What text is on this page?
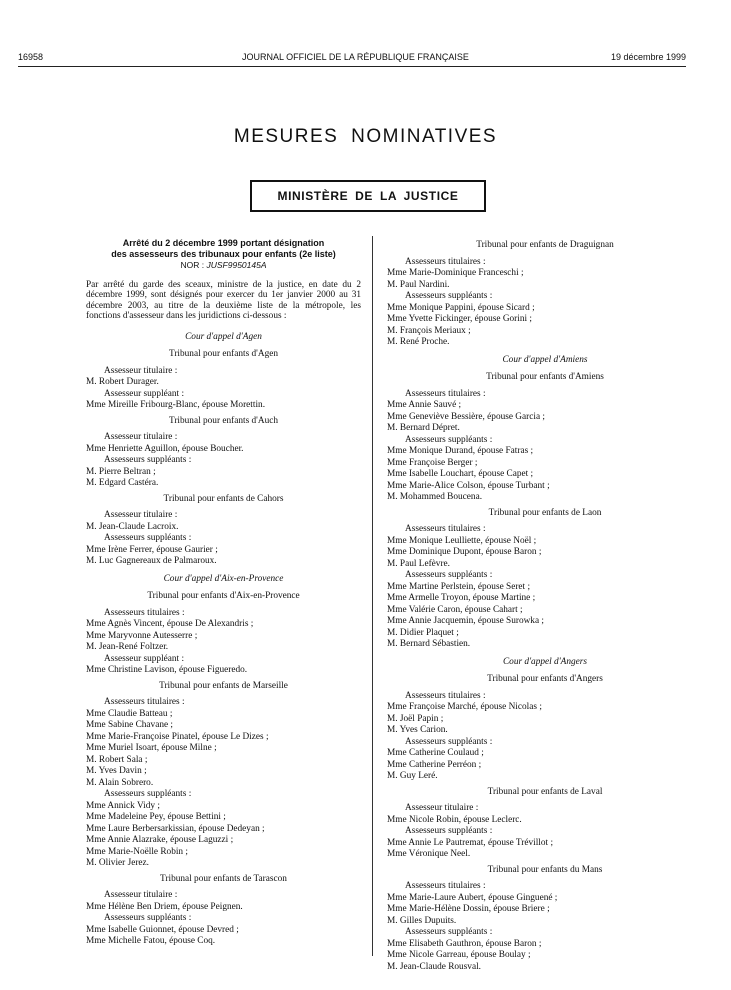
16958	JOURNAL OFFICIEL DE LA RÉPUBLIQUE FRANÇAISE	19 décembre 1999
MESURES NOMINATIVES
MINISTÈRE DE LA JUSTICE
Arrêté du 2 décembre 1999 portant désignation
des assesseurs des tribunaux pour enfants (2e liste)
NOR : JUSF9950145A
Par arrêté du garde des sceaux, ministre de la justice, en date du 2 décembre 1999, sont désignés pour exercer du 1er janvier 2000 au 31 décembre 2003, au titre de la deuxième liste de la métropole, les fonctions d'assesseur dans les juridictions ci-dessous :
Cour d'appel d'Agen
Tribunal pour enfants d'Agen
Assesseur titulaire :
M. Robert Durager.
Assesseur suppléant :
Mme Mireille Fribourg-Blanc, épouse Morettin.
Tribunal pour enfants d'Auch
Assesseur titulaire :
Mme Henriette Aguillon, épouse Boucher.
Assesseurs suppléants :
M. Pierre Beltran ;
M. Edgard Castéra.
Tribunal pour enfants de Cahors
Assesseur titulaire :
M. Jean-Claude Lacroix.
Assesseurs suppléants :
Mme Irène Ferrer, épouse Gaurier ;
M. Luc Gagnereaux de Palmaroux.
Cour d'appel d'Aix-en-Provence
Tribunal pour enfants d'Aix-en-Provence
Assesseurs titulaires :
Mme Agnès Vincent, épouse De Alexandris ;
Mme Maryvonne Autesserre ;
M. Jean-René Foltzer.
Assesseur suppléant :
Mme Christine Lavison, épouse Figueredo.
Tribunal pour enfants de Marseille
Assesseurs titulaires :
Mme Claudie Batteau ;
Mme Sabine Chavane ;
Mme Marie-Françoise Pinatel, épouse Le Dizes ;
Mme Muriel Isoart, épouse Milne ;
M. Robert Sala ;
M. Yves Davin ;
M. Alain Sobrero.
Assesseurs suppléants :
Mme Annick Vidy ;
Mme Madeleine Pey, épouse Bettini ;
Mme Laure Berbersarkissian, épouse Dedeyan ;
Mme Annie Alazrake, épouse Laguzzi ;
Mme Marie-Noëlle Robin ;
M. Olivier Jerez.
Tribunal pour enfants de Tarascon
Assesseur titulaire :
Mme Hélène Ben Driem, épouse Peignen.
Assesseurs suppléants :
Mme Isabelle Guionnet, épouse Devred ;
Mme Michelle Fatou, épouse Coq.
Tribunal pour enfants de Draguignan
Assesseurs titulaires :
Mme Marie-Dominique Franceschi ;
M. Paul Nardini.
Assesseurs suppléants :
Mme Monique Pappini, épouse Sicard ;
Mme Yvette Fickinger, épouse Gorini ;
M. François Meriaux ;
M. René Proche.
Cour d'appel d'Amiens
Tribunal pour enfants d'Amiens
Assesseurs titulaires :
Mme Annie Sauvé ;
Mme Geneviève Bessière, épouse Garcia ;
M. Bernard Dépret.
Assesseurs suppléants :
Mme Monique Durand, épouse Fatras ;
Mme Françoise Berger ;
Mme Isabelle Louchart, épouse Capet ;
Mme Marie-Alice Colson, épouse Turbant ;
M. Mohammed Boucena.
Tribunal pour enfants de Laon
Assesseurs titulaires :
Mme Monique Leulliette, épouse Noël ;
Mme Dominique Dupont, épouse Baron ;
M. Paul Lefèvre.
Assesseurs suppléants :
Mme Martine Perlstein, épouse Seret ;
Mme Armelle Troyon, épouse Martine ;
Mme Valérie Caron, épouse Cahart ;
Mme Annie Jacquemin, épouse Surowka ;
M. Didier Plaquet ;
M. Bernard Sébastien.
Cour d'appel d'Angers
Tribunal pour enfants d'Angers
Assesseurs titulaires :
Mme Françoise Marché, épouse Nicolas ;
M. Joël Papin ;
M. Yves Carion.
Assesseurs suppléants :
Mme Catherine Coulaud ;
Mme Catherine Perréon ;
M. Guy Leré.
Tribunal pour enfants de Laval
Assesseur titulaire :
Mme Nicole Robin, épouse Leclerc.
Assesseurs suppléants :
Mme Annie Le Pautremat, épouse Trévillot ;
Mme Véronique Neel.
Tribunal pour enfants du Mans
Assesseurs titulaires :
Mme Marie-Laure Aubert, épouse Ginguené ;
Mme Marie-Hélène Dossin, épouse Briere ;
M. Gilles Dupuits.
Assesseurs suppléants :
Mme Elisabeth Gauthron, épouse Baron ;
Mme Nicole Garreau, épouse Boulay ;
M. Jean-Claude Rousval.
